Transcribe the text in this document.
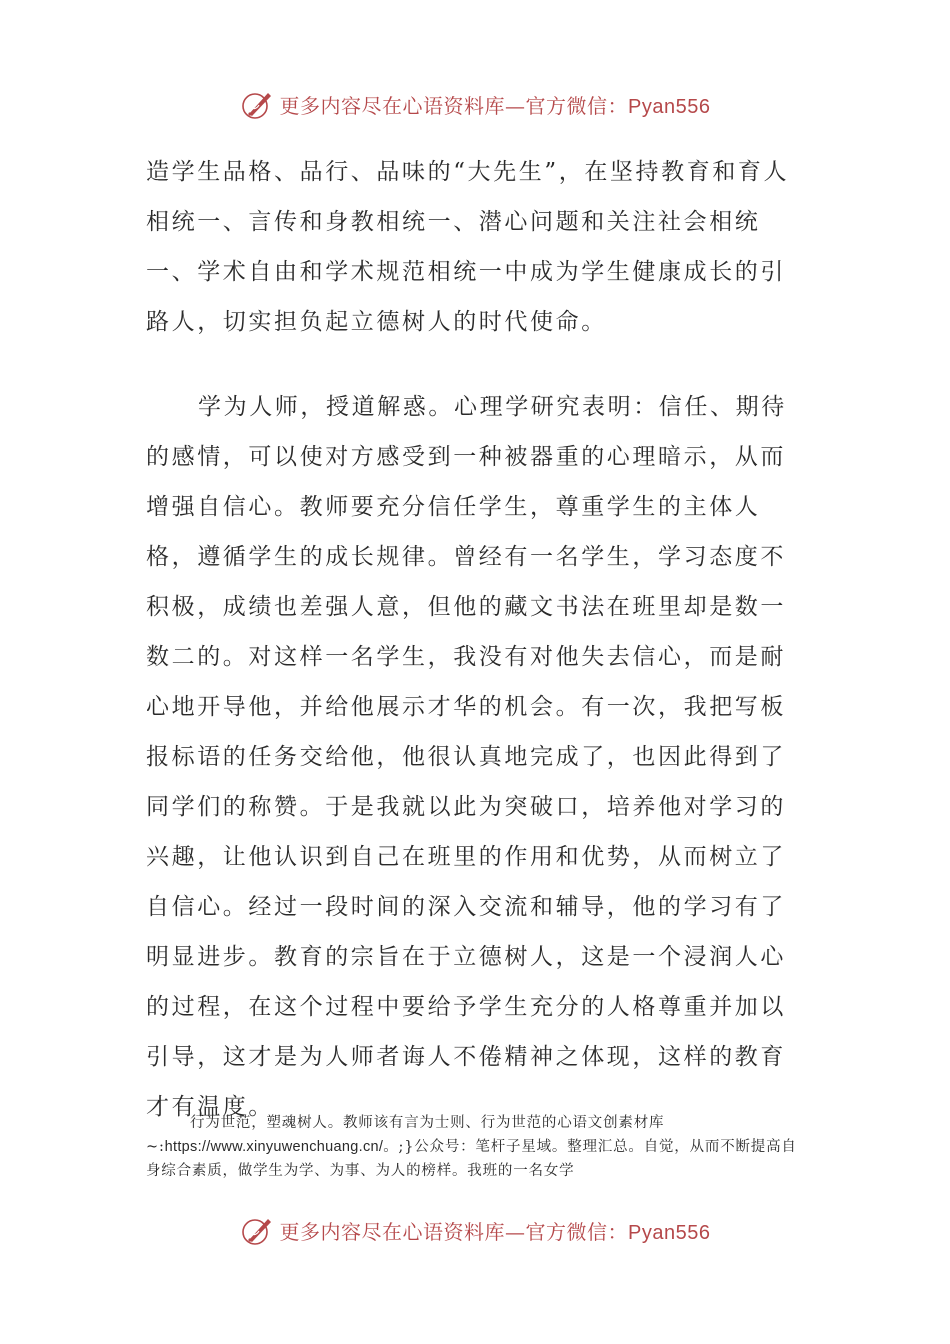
更多内容尽在心语资料库—官方微信：Pyan556

造学生品格、品行、品味的“大先生”，在坚持教育和育人相统一、言传和身教相统一、潜心问题和关注社会相统一、学术自由和学术规范相统一中成为学生健康成长的引路人，切实担负起立德树人的时代使命。

学为人师，授道解惑。心理学研究表明：信任、期待的感情，可以使对方感受到一种被器重的心理暗示，从而增强自信心。教师要充分信任学生，尊重学生的主体人格，遵循学生的成长规律。曾经有一名学生，学习态度不积极，成绩也差强人意，但他的藏文书法在班里却是数一数二的。对这样一名学生，我没有对他失去信心，而是耐心地开导他，并给他展示才华的机会。有一次，我把写板报标语的任务交给他，他很认真地完成了，也因此得到了同学们的称赞。于是我就以此为突破口，培养他对学习的兴趣，让他认识到自己在班里的作用和优势，从而树立了自信心。经过一段时间的深入交流和辅导，他的学习有了明显进步。教育的宗旨在于立德树人，这是一个浸润人心的过程，在这个过程中要给予学生充分的人格尊重并加以引导，这才是为人师者诲人不倦精神之体现，这样的教育才有温度。

行为世范，塑魂树人。教师该有言为士则、行为世范的心语文创素材库~:https://www.xinyuwenchuang.cn/。;}公众号：笔杆子星域。整理汇总。自觉，从而不断提高自身综合素质，做学生为学、为事、为人的榜样。我班的一名女学

更多内容尽在心语资料库—官方微信：Pyan556
